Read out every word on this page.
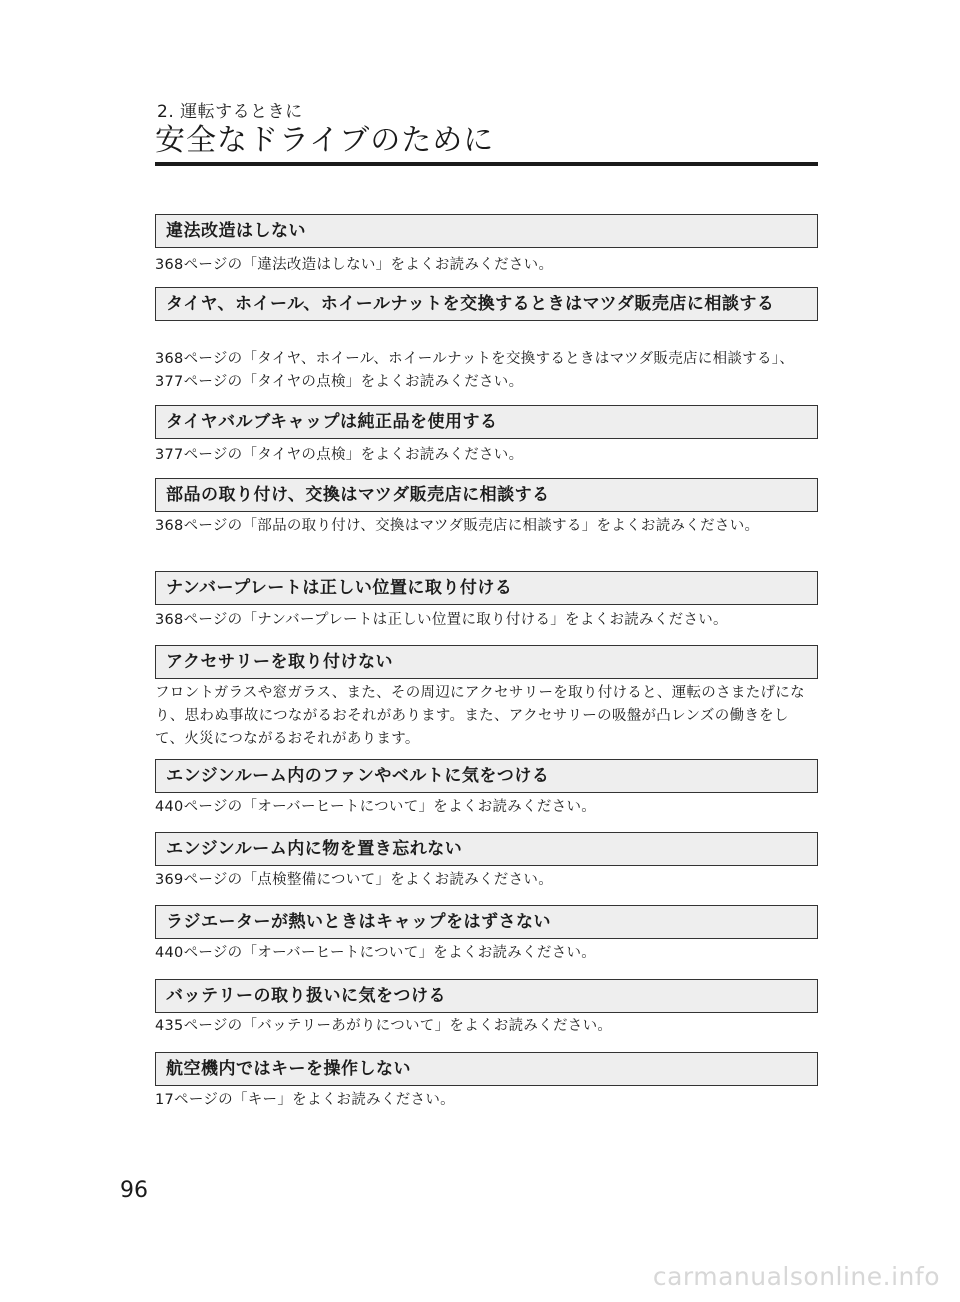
2. 運転するときに
安全なドライブのために
違法改造はしない
368ページの「違法改造はしない」をよくお読みください。
タイヤ、ホイール、ホイールナットを交換するときはマツダ販売店に相談する
368ページの「タイヤ、ホイール、ホイールナットを交換するときはマツダ販売店に相談する」、377ページの「タイヤの点検」をよくお読みください。
タイヤバルブキャップは純正品を使用する
377ページの「タイヤの点検」をよくお読みください。
部品の取り付け、交換はマツダ販売店に相談する
368ページの「部品の取り付け、交換はマツダ販売店に相談する」をよくお読みください。
ナンバープレートは正しい位置に取り付ける
368ページの「ナンバープレートは正しい位置に取り付ける」をよくお読みください。
アクセサリーを取り付けない
フロントガラスや窓ガラス、また、その周辺にアクセサリーを取り付けると、運転のさまたげになり、思わぬ事故につながるおそれがあります。また、アクセサリーの吸盤が凸レンズの働きをして、火災につながるおそれがあります。
エンジンルーム内のファンやベルトに気をつける
440ページの「オーバーヒートについて」をよくお読みください。
エンジンルーム内に物を置き忘れない
369ページの「点検整備について」をよくお読みください。
ラジエーターが熱いときはキャップをはずさない
440ページの「オーバーヒートについて」をよくお読みください。
バッテリーの取り扱いに気をつける
435ページの「バッテリーあがりについて」をよくお読みください。
航空機内ではキーを操作しない
17ページの「キー」をよくお読みください。
96
carmanualsonline.info
